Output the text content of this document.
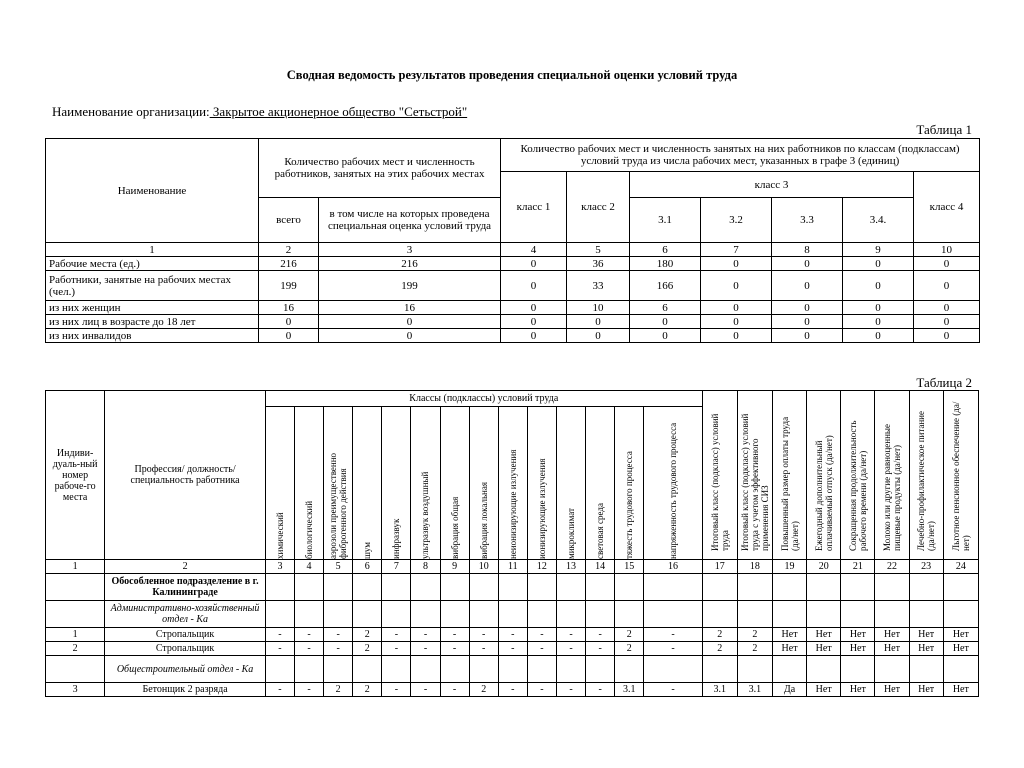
Сводная ведомость результатов проведения специальной оценки условий труда
Наименование организации: Закрытое акционерное общество "Сетьстрой"
Таблица 1
Наименование	Количество рабочих мест и численность работников, занятых на этих рабочих местах		Количество рабочих мест и численность занятых на них работников по классам (подклассам) условий труда из числа рабочих мест, указанных в графе 3 (единиц)						
			класс 1	класс 2	класс 3				класс 4
	всего	в том числе на которых проведена специальная оценка условий труда			3.1	3.2	3.3	3.4.	
1	2	3	4	5	6	7	8	9	10
Рабочие места (ед.)	216	216	0	36	180	0	0	0	0
Работники, занятые на рабочих местах (чел.)	199	199	0	33	166	0	0	0	0
из них женщин	16	16	0	10	6	0	0	0	0
из них лиц в возрасте до 18 лет	0	0	0	0	0	0	0	0	0
из них инвалидов	0	0	0	0	0	0	0	0	0
Таблица 2
Индиви-дуаль-ный номер рабоче-го места	Профессия/ должность/ специальность работника	Классы (подклассы) условий труда														Итоговый класс (подкласс) условий труда	Итоговый класс (подкласс) условий труда с учетом эффективного применения СИЗ	Повышенный размер оплаты труда (да/нет)	Ежегодный дополнительный оплачиваемый отпуск (да/нет)	Сокращенная продолжительность рабочего времени (да/нет)	Молоко или другие равноценные пищевые продукты (да/нет)	Лечебно-профилактическое питание (да/нет)	Льготное пенсионное обеспечение (да/нет)

		химический	биологический	аэрозоли преимущественно фиброгенного действия	шум	инфразвук	ультразвук воздушный	вибрация общая	вибрация локальная	неионизирующие излучения	ионизирующие излучения	микроклимат	световая среда	тяжесть трудового процесса	напряженность трудового процесса								

1	2	3	4	5	6	7	8	9	10	11	12	13	14	15	16	17	18	19	20	21	22	23	24
	Обособленное подразделение в г. Калининграде																						
	Административно-хозяйственный отдел - Ка																						
1	Стропальщик	-	-	-	2	-	-	-	-	-	-	-	-	2	-	2	2	Нет	Нет	Нет	Нет	Нет	Нет
2	Стропальщик	-	-	-	2	-	-	-	-	-	-	-	-	2	-	2	2	Нет	Нет	Нет	Нет	Нет	Нет
	Общестроительный отдел - Ка																						
3	Бетонщик 2 разряда	-	-	2	2	-	-	-	2	-	-	-	-	3.1	-	3.1	3.1	Да	Нет	Нет	Нет	Нет	Нет
